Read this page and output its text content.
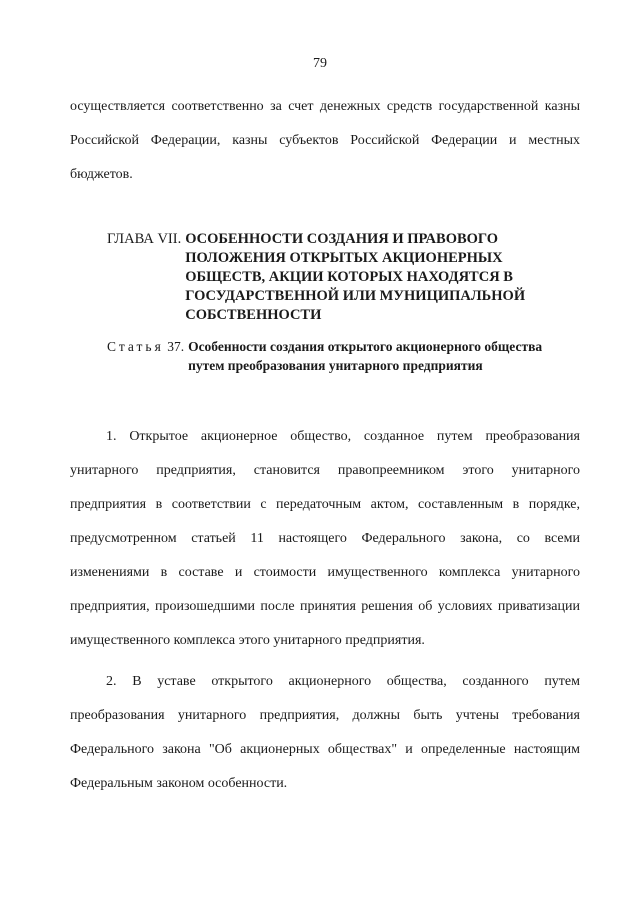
79
осуществляется соответственно за счет денежных средств государственной казны Российской Федерации, казны субъектов Российской Федерации и местных бюджетов.
ГЛАВА VII. ОСОБЕННОСТИ СОЗДАНИЯ И ПРАВОВОГО ПОЛОЖЕНИЯ ОТКРЫТЫХ АКЦИОНЕРНЫХ ОБЩЕСТВ, АКЦИИ КОТОРЫХ НАХОДЯТСЯ В ГОСУДАРСТВЕННОЙ ИЛИ МУНИЦИПАЛЬНОЙ СОБСТВЕННОСТИ
Статья 37. Особенности создания открытого акционерного общества путем преобразования унитарного предприятия
1. Открытое акционерное общество, созданное путем преобразования унитарного предприятия, становится правопреемником этого унитарного предприятия в соответствии с передаточным актом, составленным в порядке, предусмотренном статьей 11 настоящего Федерального закона, со всеми изменениями в составе и стоимости имущественного комплекса унитарного предприятия, произошедшими после принятия решения об условиях приватизации имущественного комплекса этого унитарного предприятия.
2. В уставе открытого акционерного общества, созданного путем преобразования унитарного предприятия, должны быть учтены требования Федерального закона "Об акционерных обществах" и определенные настоящим Федеральным законом особенности.
